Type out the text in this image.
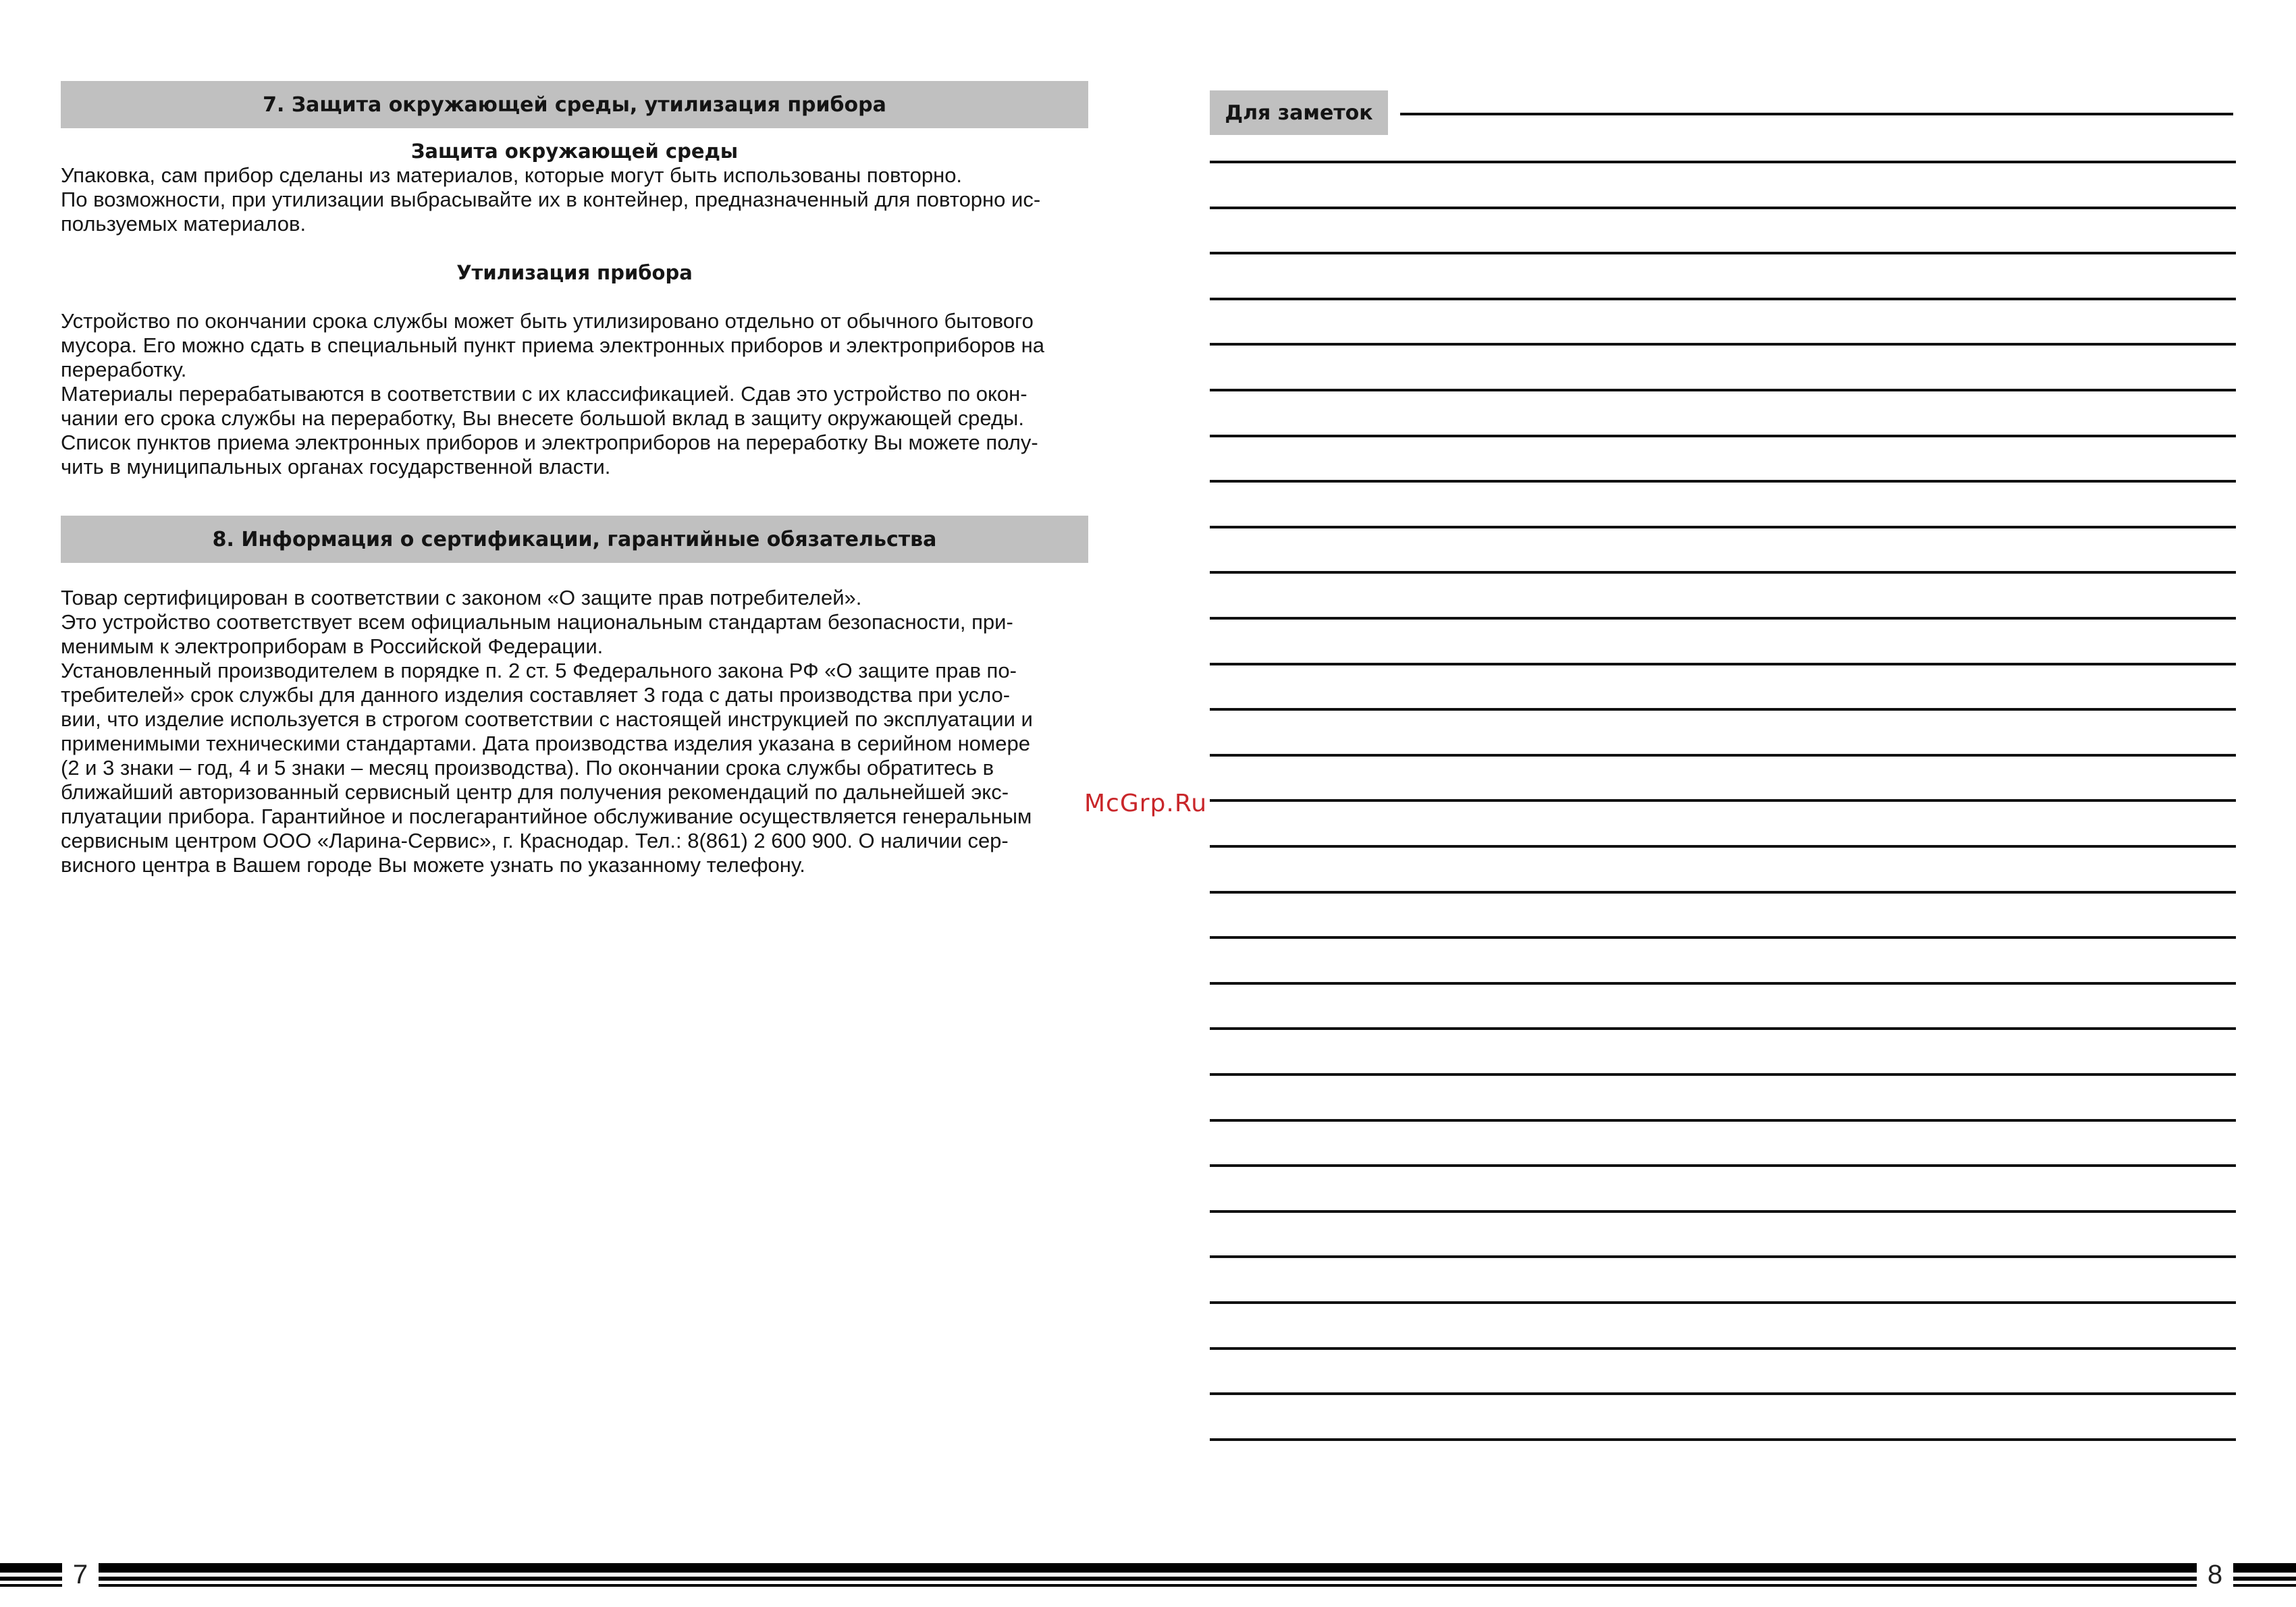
7. Защита окружающей среды, утилизация прибора
Защита окружающей среды

Упаковка, сам прибор сделаны из материалов, которые могут быть использованы повторно.

По возможности, при утилизации выбрасывайте их в контейнер, предназначенный для повторно ис-

пользуемых материалов.

Утилизация прибора

Устройство по окончании срока службы может быть утилизировано отдельно от обычного бытового

мусора. Его можно сдать в специальный пункт приема электронных приборов и электроприборов на

переработку.

Материалы перерабатываются в соответствии с их классификацией. Сдав это устройство по окон-

чании его срока службы на переработку, Вы внесете большой вклад в защиту окружающей среды.

Список пунктов приема электронных приборов и электроприборов на переработку Вы можете полу-

чить в муниципальных органах государственной власти.

8. Информация о сертификации, гарантийные обязательства

Товар сертифицирован в соответствии с законом «О защите прав потребителей».

Это устройство соответствует всем официальным национальным стандартам безопасности, при-

менимым к электроприборам в Российской Федерации.

Установленный производителем в порядке п. 2 ст. 5 Федерального закона РФ «О защите прав по-

требителей» срок службы для данного изделия составляет 3 года с даты производства при усло-

вии, что изделие используется в строгом соответствии с настоящей инструкцией по эксплуатации и

применимыми техническими стандартами. Дата производства изделия указана в серийном номере

(2 и 3 знаки – год, 4 и 5 знаки – месяц производства). По окончании срока службы обратитесь в

ближайший авторизованный сервисный центр для получения рекомендаций по дальнейшей экс-

плуатации прибора. Гарантийное и послегарантийное обслуживание осуществляется генеральным

сервисным центром ООО «Ларина-Сервис», г. Краснодар. Тел.: 8(861) 2 600 900. О наличии сер-

висного центра в Вашем городе Вы можете узнать по указанному телефону.

McGrp.Ru
Для заметок
7	8
